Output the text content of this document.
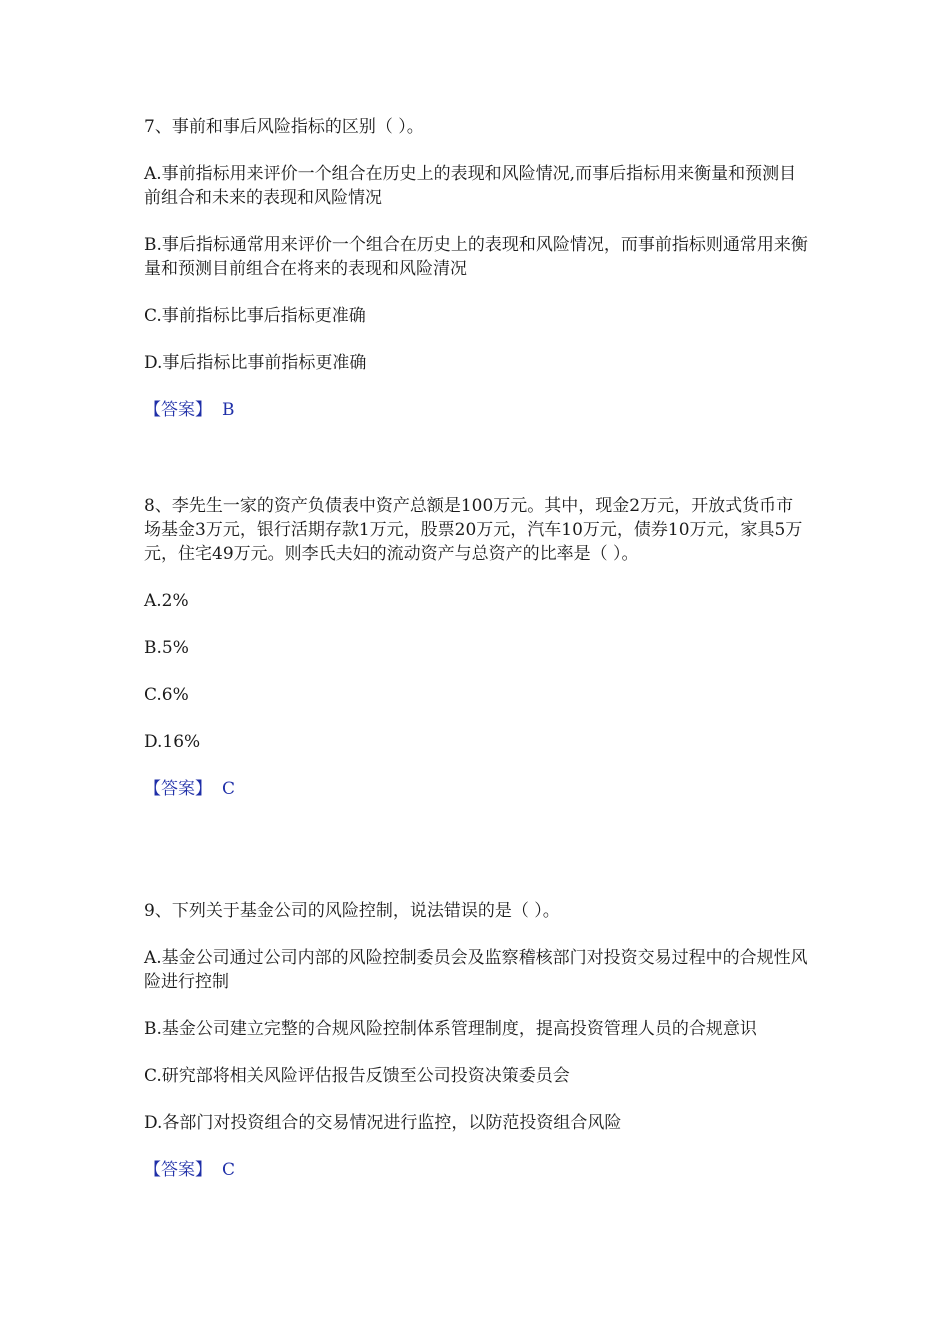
7、事前和事后风险指标的区别（ ）。

A.事前指标用来评价一个组合在历史上的表现和风险情况,而事后指标用来衡量和预测目前组合和未来的表现和风险情况

B.事后指标通常用来评价一个组合在历史上的表现和风险情况，而事前指标则通常用来衡量和预测目前组合在将来的表现和风险清况

C.事前指标比事后指标更准确

D.事后指标比事前指标更准确

【答案】 B

8、李先生一家的资产负债表中资产总额是100万元。其中，现金2万元，开放式货币市场基金3万元，银行活期存款1万元，股票20万元，汽车10万元，债券10万元，家具5万元，住宅49万元。则李氏夫妇的流动资产与总资产的比率是（ ）。

A.2%

B.5%

C.6%

D.16%

【答案】 C

9、下列关于基金公司的风险控制，说法错误的是（ ）。

A.基金公司通过公司内部的风险控制委员会及监察稽核部门对投资交易过程中的合规性风险进行控制

B.基金公司建立完整的合规风险控制体系管理制度，提高投资管理人员的合规意识

C.研究部将相关风险评估报告反馈至公司投资决策委员会

D.各部门对投资组合的交易情况进行监控，以防范投资组合风险

【答案】 C
